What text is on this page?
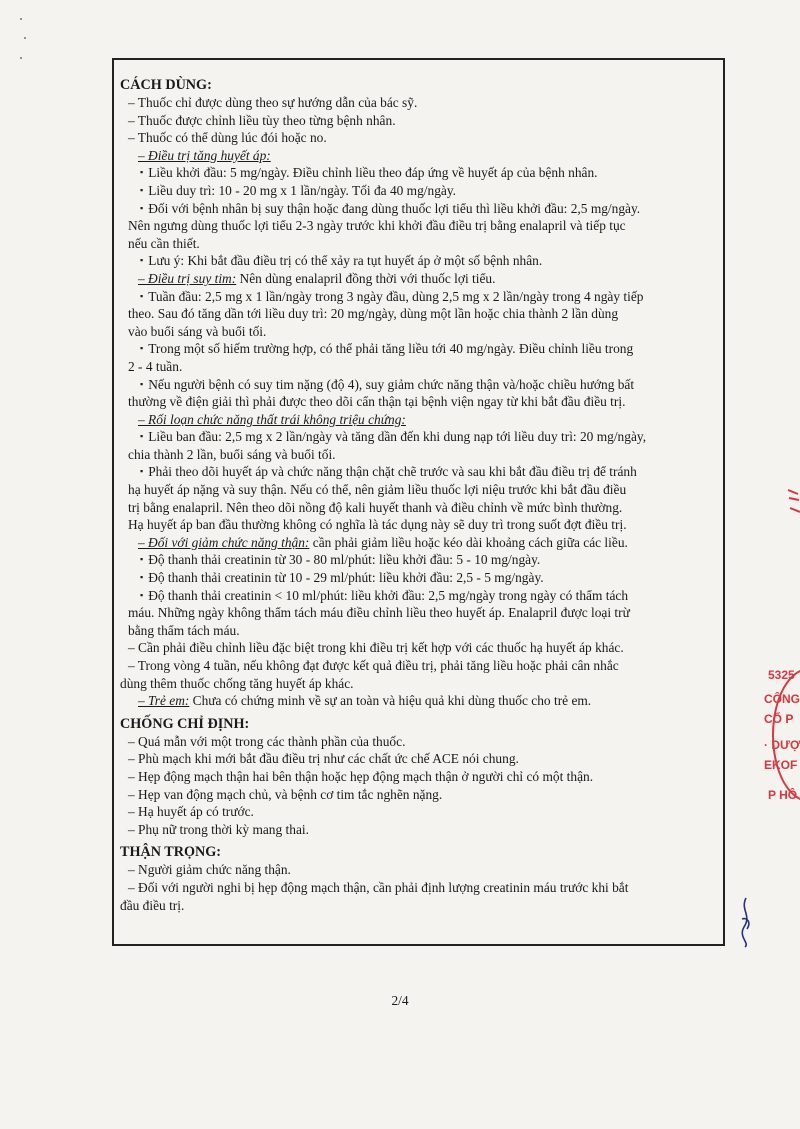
CÁCH DÙNG:

– Thuốc chỉ được dùng theo sự hướng dẫn của bác sỹ.

– Thuốc được chỉnh liều tùy theo từng bệnh nhân.

– Thuốc có thể dùng lúc đói hoặc no.

– Điều trị tăng huyết áp:

▪ Liều khởi đầu: 5 mg/ngày. Điều chỉnh liều theo đáp ứng về huyết áp của bệnh nhân.

▪ Liều duy trì: 10 - 20 mg x 1 lần/ngày. Tối đa 40 mg/ngày.

▪ Đối với bệnh nhân bị suy thận hoặc đang dùng thuốc lợi tiểu thì liều khởi đầu: 2,5 mg/ngày.

Nên ngưng dùng thuốc lợi tiểu 2-3 ngày trước khi khởi đầu điều trị bằng enalapril và tiếp tục

nếu cần thiết.

▪ Lưu ý: Khi bắt đầu điều trị có thể xảy ra tụt huyết áp ở một số bệnh nhân.

– Điều trị suy tim: Nên dùng enalapril đồng thời với thuốc lợi tiểu.

▪ Tuần đầu: 2,5 mg x 1 lần/ngày trong 3 ngày đầu, dùng 2,5 mg x 2 lần/ngày trong 4 ngày tiếp

theo. Sau đó tăng dần tới liều duy trì: 20 mg/ngày, dùng một lần hoặc chia thành 2 lần dùng

vào buổi sáng và buổi tối.

▪ Trong một số hiếm trường hợp, có thể phải tăng liều tới 40 mg/ngày. Điều chỉnh liều trong

2 - 4 tuần.

▪ Nếu người bệnh có suy tim nặng (độ 4), suy giảm chức năng thận và/hoặc chiều hướng bất

thường về điện giải thì phải được theo dõi cẩn thận tại bệnh viện ngay từ khi bắt đầu điều trị.

– Rối loạn chức năng thất trái không triệu chứng:

▪ Liều ban đầu: 2,5 mg x 2 lần/ngày và tăng dần đến khi dung nạp tới liều duy trì: 20 mg/ngày,

chia thành 2 lần, buổi sáng và buổi tối.

▪ Phải theo dõi huyết áp và chức năng thận chặt chẽ trước và sau khi bắt đầu điều trị để tránh

hạ huyết áp nặng và suy thận. Nếu có thể, nên giảm liều thuốc lợi niệu trước khi bắt đầu điều

trị bằng enalapril. Nên theo dõi nồng độ kali huyết thanh và điều chỉnh về mức bình thường.

Hạ huyết áp ban đầu thường không có nghĩa là tác dụng này sẽ duy trì trong suốt đợt điều trị.

– Đối với giảm chức năng thận: cần phải giảm liều hoặc kéo dài khoảng cách giữa các liều.

▪ Độ thanh thải creatinin từ 30 - 80 ml/phút: liều khởi đầu: 5 - 10 mg/ngày.

▪ Độ thanh thải creatinin từ 10 - 29 ml/phút: liều khởi đầu: 2,5 - 5 mg/ngày.

▪ Độ thanh thải creatinin < 10 ml/phút: liều khởi đầu: 2,5 mg/ngày trong ngày có thẩm tách

máu. Những ngày không thẩm tách máu điều chỉnh liều theo huyết áp. Enalapril được loại trừ

bằng thẩm tách máu.

– Cần phải điều chỉnh liều đặc biệt trong khi điều trị kết hợp với các thuốc hạ huyết áp khác.

– Trong vòng 4 tuần, nếu không đạt được kết quả điều trị, phải tăng liều hoặc phải cân nhắc

dùng thêm thuốc chống tăng huyết áp khác.

– Trẻ em: Chưa có chứng minh về sự an toàn và hiệu quả khi dùng thuốc cho trẻ em.

CHỐNG CHỈ ĐỊNH:

– Quá mẫn với một trong các thành phần của thuốc.

– Phù mạch khi mới bắt đầu điều trị như các chất ức chế ACE nói chung.

– Hẹp động mạch thận hai bên thận hoặc hẹp động mạch thận ở người chỉ có một thận.

– Hẹp van động mạch chủ, và bệnh cơ tim tắc nghẽn nặng.

– Hạ huyết áp có trước.

– Phụ nữ trong thời kỳ mang thai.

THẬN TRỌNG:

– Người giảm chức năng thận.

– Đối với người nghi bị hẹp động mạch thận, cần phải định lượng creatinin máu trước khi bắt

đầu điều trị.

2/4
5325
CÔNG
CỔ P
· DƯỢ
EKOF
P HÔ
